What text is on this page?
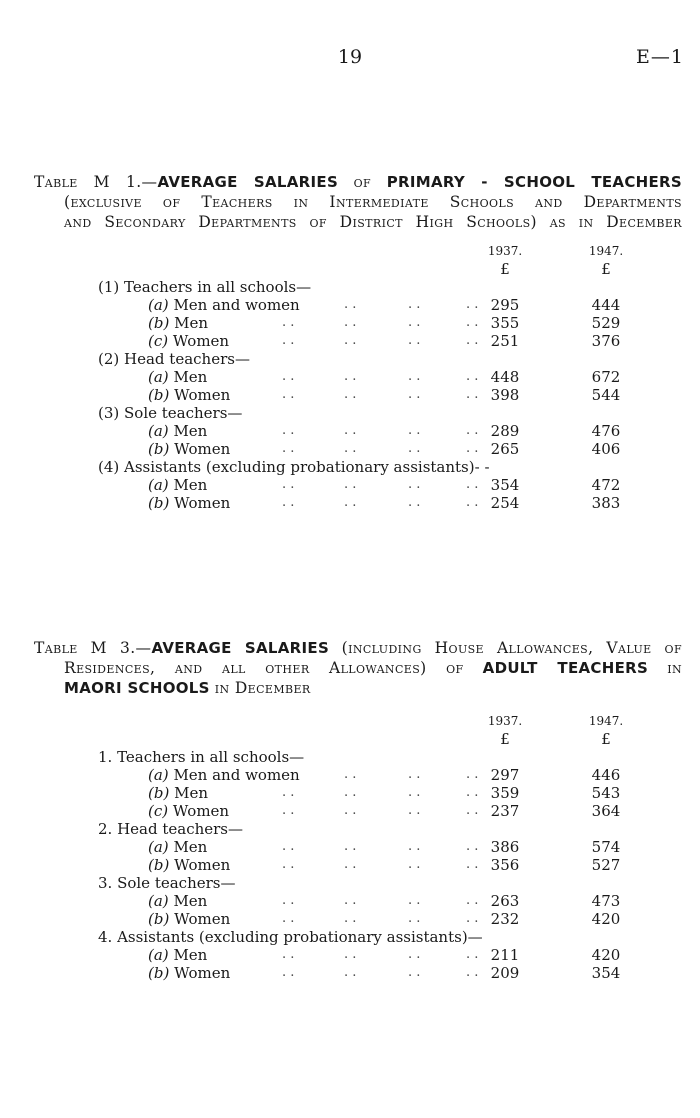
19	E—1
Table M 1.—AVERAGE SALARIES of PRIMARY - SCHOOL TEACHERS
(exclusive of Teachers in Intermediate Schools and Departments
and Secondary Departments of District High Schools) as in December
1937.	1947.
£	£
(1) Teachers in all schools—
(a) Men and women	. .	. .	. . 295	444
(b) Men	. .	. .	. .	. . 355	529
(c) Women	. .	. .	. .	. . 251	376
(2) Head teachers—
(a) Men	. .	. .	. .	. . 448	672
(b) Women	. .	. .	. .	. . 398	544
(3) Sole teachers—
(a) Men	. .	. .	. .	. . 289	476
(b) Women	. .	. .	. .	. . 265	406
(4) Assistants (excluding probationary assistants)- -
(a) Men	. .	. .	. .	. . 354	472
(b) Women	. .	. .	. .	. . 254	383
Table M 3.—AVERAGE SALARIES (including House Allowances, Value of
Residences, and all other Allowances) of ADULT TEACHERS in
MAORI SCHOOLS in December
1937.	1947.
£	£
1. Teachers in all schools—
(a) Men and women	. .	. .	. . 297	446
(b) Men	. .	. .	. .	. . 359	543
(c) Women	. .	. .	. .	. . 237	364
2. Head teachers—
(a) Men	. .	. .	. .	. . 386	574
(b) Women	. .	. .	. .	. . 356	527
3. Sole teachers—
(a) Men	. .	. .	. .	. . 263	473
(b) Women	. .	. .	. .	. . 232	420
4. Assistants (excluding probationary assistants)—
(a) Men	. .	. .	. .	. . 211	420
(b) Women	. .	. .	. .	. . 209	354
